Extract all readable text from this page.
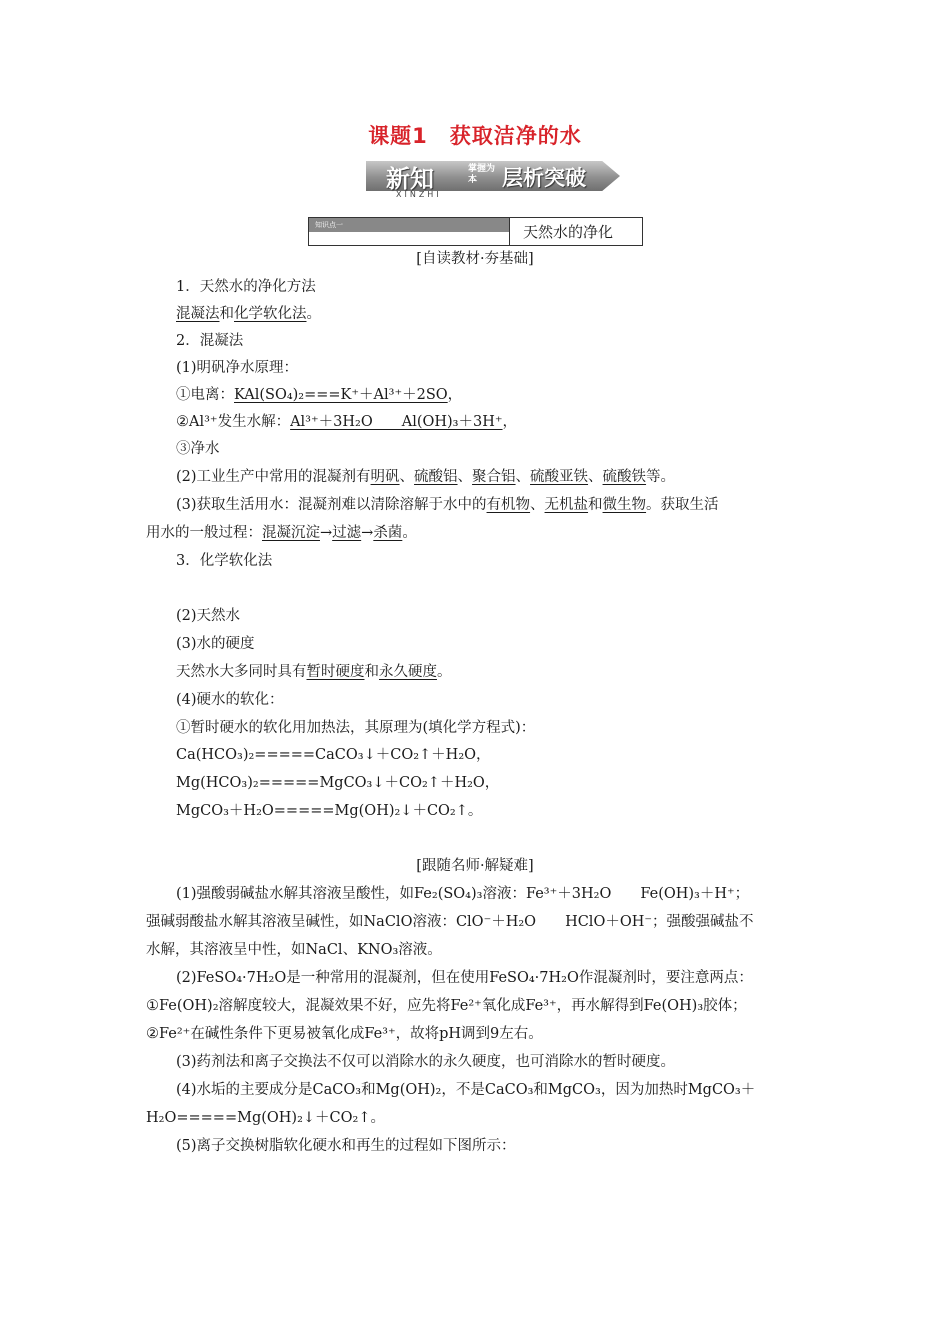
课题1　获取洁净的水
新知	掌握为本	层析突破
XINZHI
知识点一	天然水的净化
[自读教材·夯基础]
1．天然水的净化方法
混凝法和化学软化法。
2．混凝法
(1)明矾净水原理：
①电离：KAl(SO₄)₂===K⁺＋Al³⁺＋2SO，
②Al³⁺发生水解：Al³⁺＋3H₂O　　Al(OH)₃＋3H⁺，
③净水
(2)工业生产中常用的混凝剂有明矾、硫酸铝、聚合铝、硫酸亚铁、硫酸铁等。
(3)获取生活用水：混凝剂难以清除溶解于水中的有机物、无机盐和微生物。获取生活
用水的一般过程：混凝沉淀→过滤→杀菌。
3．化学软化法
(2)天然水
(3)水的硬度
天然水大多同时具有暂时硬度和永久硬度。
(4)硬水的软化：
①暂时硬水的软化用加热法，其原理为(填化学方程式)：
Ca(HCO₃)₂=====CaCO₃↓＋CO₂↑＋H₂O，
Mg(HCO₃)₂=====MgCO₃↓＋CO₂↑＋H₂O，
MgCO₃＋H₂O=====Mg(OH)₂↓＋CO₂↑。
[跟随名师·解疑难]
(1)强酸弱碱盐水解其溶液呈酸性，如Fe₂(SO₄)₃溶液：Fe³⁺＋3H₂O　　Fe(OH)₃＋H⁺；
强碱弱酸盐水解其溶液呈碱性，如NaClO溶液：ClO⁻＋H₂O　　HClO＋OH⁻；强酸强碱盐不
水解，其溶液呈中性，如NaCl、KNO₃溶液。
(2)FeSO₄·7H₂O是一种常用的混凝剂，但在使用FeSO₄·7H₂O作混凝剂时，要注意两点：
①Fe(OH)₂溶解度较大，混凝效果不好，应先将Fe²⁺氧化成Fe³⁺，再水解得到Fe(OH)₃胶体；
②Fe²⁺在碱性条件下更易被氧化成Fe³⁺，故将pH调到9左右。
(3)药剂法和离子交换法不仅可以消除水的永久硬度，也可消除水的暂时硬度。
(4)水垢的主要成分是CaCO₃和Mg(OH)₂，不是CaCO₃和MgCO₃，因为加热时MgCO₃＋
H₂O=====Mg(OH)₂↓＋CO₂↑。
(5)离子交换树脂软化硬水和再生的过程如下图所示：
